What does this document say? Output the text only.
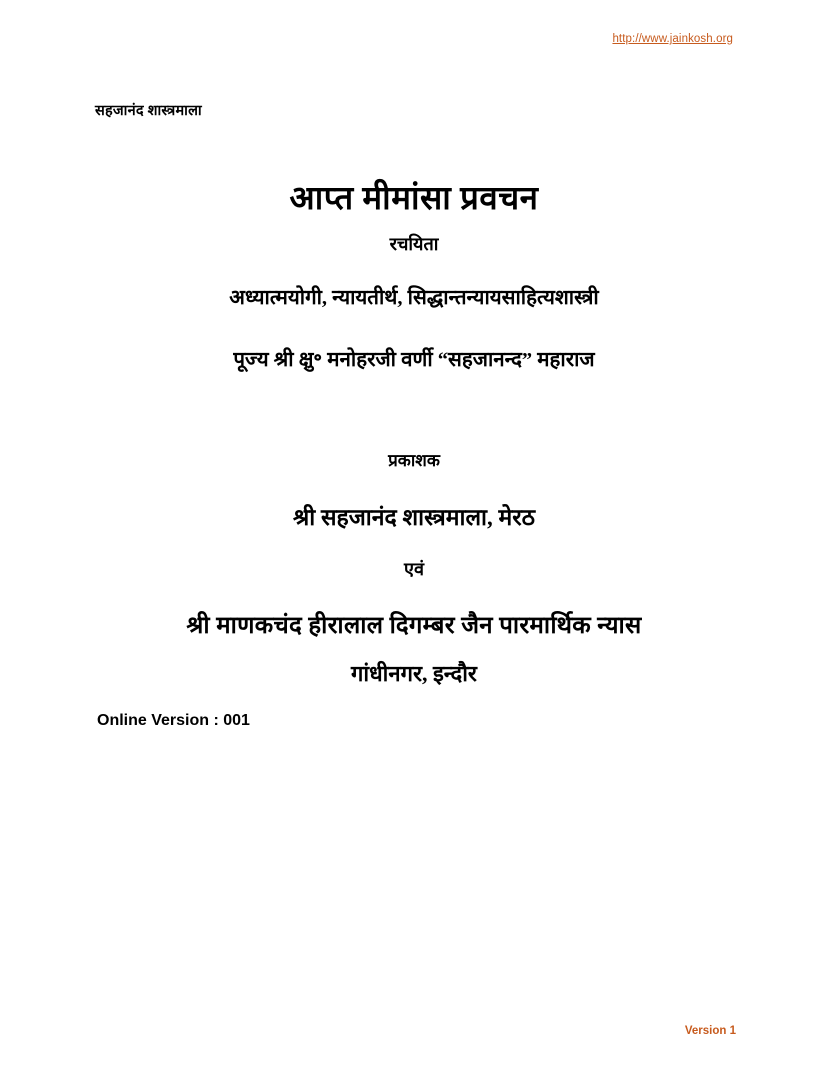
http://www.jainkosh.org
सहजानंद शास्त्रमाला
आप्त मीमांसा प्रवचन
रचयिता
अध्यात्मयोगी, न्यायतीर्थ, सिद्धान्तन्यायसाहित्यशास्त्री
पूज्य श्री क्षु॰ मनोहरजी वर्णी “सहजानन्द” महाराज
प्रकाशक
श्री सहजानंद शास्त्रमाला, मेरठ
एवं
श्री माणकचंद हीरालाल दिगम्बर जैन पारमार्थिक न्यास
गांधीनगर, इन्दौर
Online Version : 001
Version 1
